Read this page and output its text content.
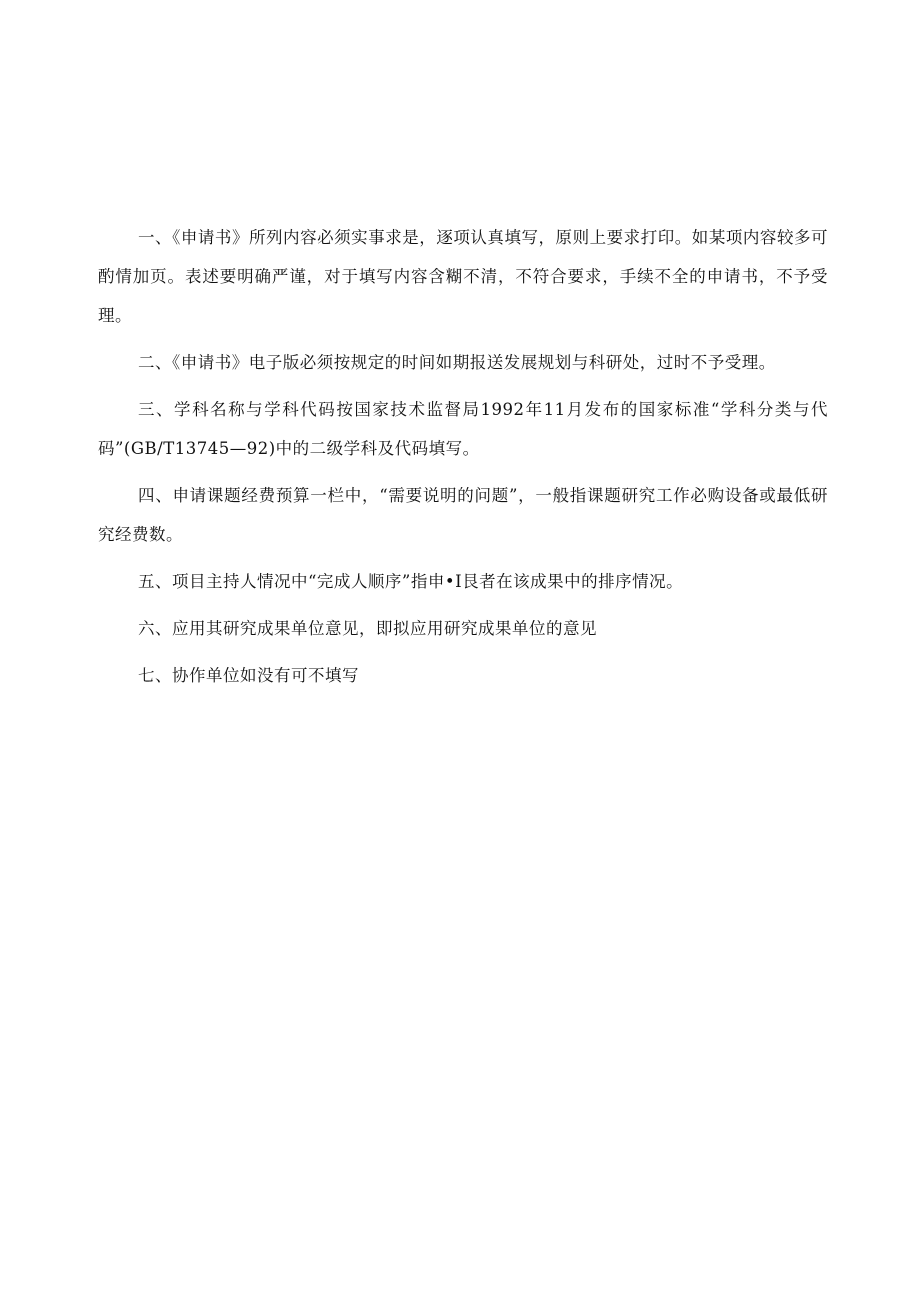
一、《申请书》所列内容必须实事求是，逐项认真填写，原则上要求打印。如某项内容较多可酌情加页。表述要明确严谨，对于填写内容含糊不清，不符合要求，手续不全的申请书，不予受理。

二、《申请书》电子版必须按规定的时间如期报送发展规划与科研处，过时不予受理。

三、学科名称与学科代码按国家技术监督局1992年11月发布的国家标准“学科分类与代码”(GB/T13745—92)中的二级学科及代码填写。

四、申请课题经费预算一栏中，“需要说明的问题”，一般指课题研究工作必购设备或最低研究经费数。

五、项目主持人情况中“完成人顺序”指申•I艮者在该成果中的排序情况。

六、应用其研究成果单位意见，即拟应用研究成果单位的意见

七、协作单位如没有可不填写
